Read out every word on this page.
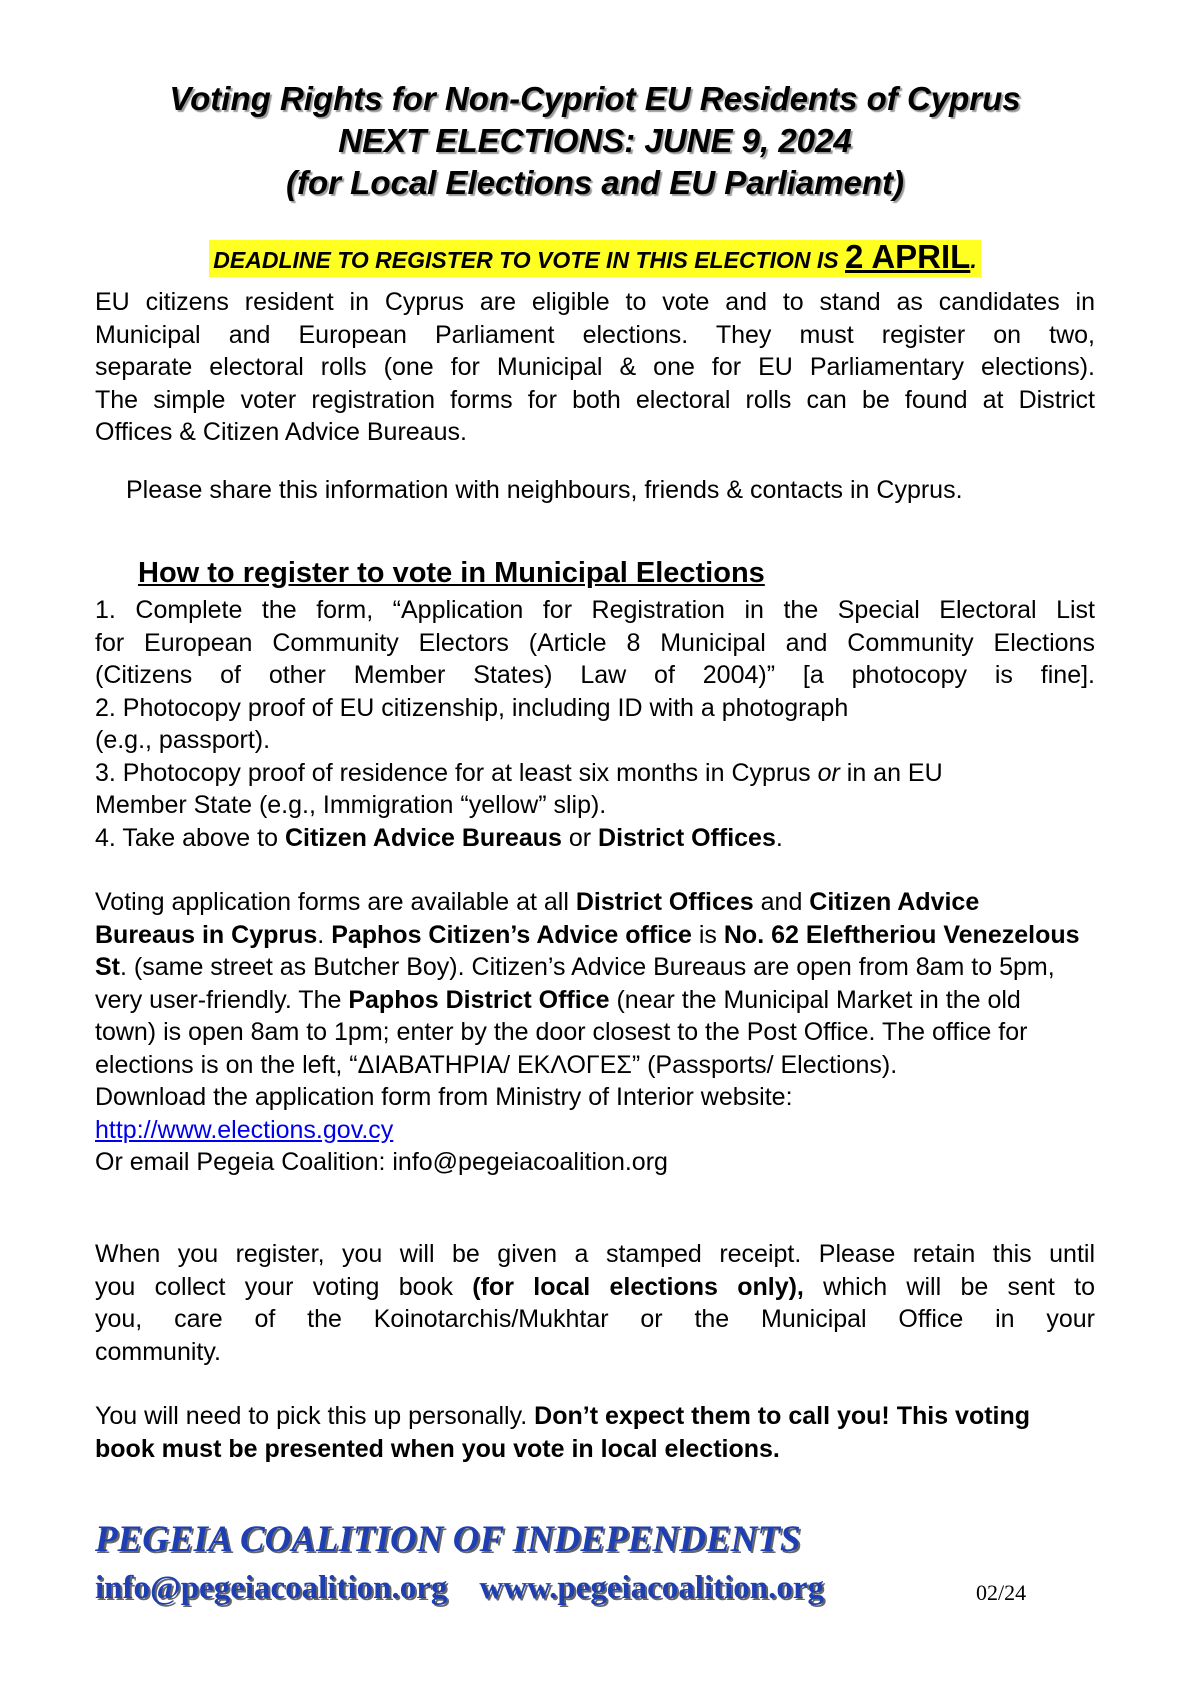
Voting Rights for Non-Cypriot EU Residents of Cyprus
NEXT ELECTIONS: JUNE 9, 2024
(for Local Elections and EU Parliament)
DEADLINE TO REGISTER TO VOTE IN THIS ELECTION IS 2 APRIL.
EU citizens resident in Cyprus are eligible to vote and to stand as candidates in
Municipal and European Parliament elections. They must register on two,
separate electoral rolls (one for Municipal & one for EU Parliamentary elections).
The simple voter registration forms for both electoral rolls can be found at District
Offices & Citizen Advice Bureaus.
Please share this information with neighbours, friends & contacts in Cyprus.
How to register to vote in Municipal Elections
1. Complete the form, “Application for Registration in the Special Electoral List
for European Community Electors (Article 8 Municipal and Community Elections
(Citizens of other Member States) Law of 2004)” [a photocopy is fine].
2. Photocopy proof of EU citizenship, including ID with a photograph
(e.g., passport).
3. Photocopy proof of residence for at least six months in Cyprus or in an EU
Member State (e.g., Immigration “yellow” slip).
4. Take above to Citizen Advice Bureaus or District Offices.
Voting application forms are available at all District Offices and Citizen Advice Bureaus in Cyprus. Paphos Citizen’s Advice office is No. 62 Eleftheriou Venezelous St. (same street as Butcher Boy). Citizen’s Advice Bureaus are open from 8am to 5pm, very user-friendly. The Paphos District Office (near the Municipal Market in the old town) is open 8am to 1pm; enter by the door closest to the Post Office. The office for elections is on the left, “ΔΙΑΒΑΤΗΡΙΑ/ ΕΚΛΟΓΕΣ” (Passports/ Elections).
Download the application form from Ministry of Interior website:
http://www.elections.gov.cy
Or email Pegeia Coalition: info@pegeiacoalition.org
When you register, you will be given a stamped receipt. Please retain this until
you collect your voting book (for local elections only), which will be sent to
you, care of the Koinotarchis/Mukhtar or the Municipal Office in your
community.
You will need to pick this up personally. Don’t expect them to call you! This voting book must be presented when you vote in local elections.
PEGEIA COALITION OF INDEPENDENTS
info@pegeiacoalition.org www.pegeiacoalition.org	02/24
